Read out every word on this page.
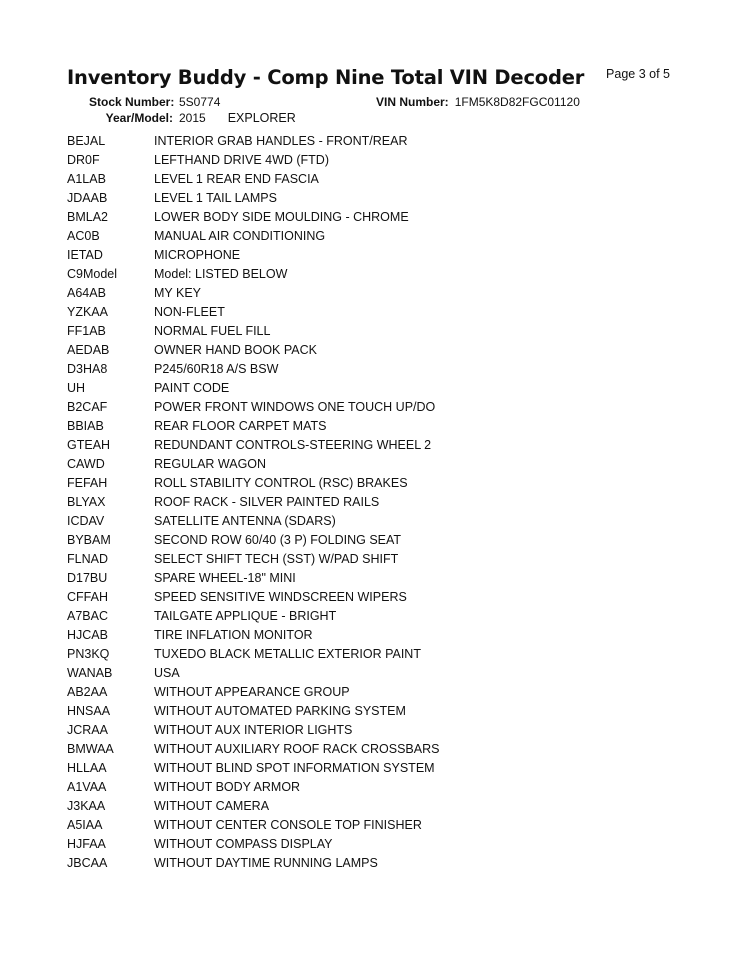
Inventory Buddy - Comp Nine Total VIN Decoder Page 3 of 5
Stock Number: 5S0774	VIN Number: 1FM5K8D82FGC01120
Year/Model: 2015 EXPLORER
BEJAL	INTERIOR GRAB HANDLES - FRONT/REAR
DR0F	LEFTHAND DRIVE 4WD (FTD)
A1LAB	LEVEL 1 REAR END FASCIA
JDAAB	LEVEL 1 TAIL LAMPS
BMLA2	LOWER BODY SIDE MOULDING - CHROME
AC0B	MANUAL AIR CONDITIONING
IETAD	MICROPHONE
C9Model	Model: LISTED BELOW
A64AB	MY KEY
YZKAA	NON-FLEET
FF1AB	NORMAL FUEL FILL
AEDAB	OWNER HAND BOOK PACK
D3HA8	P245/60R18 A/S BSW
UH	PAINT CODE
B2CAF	POWER FRONT WINDOWS ONE TOUCH UP/DO
BBIAB	REAR FLOOR CARPET MATS
GTEAH	REDUNDANT CONTROLS-STEERING WHEEL 2
CAWD	REGULAR WAGON
FEFAH	ROLL STABILITY CONTROL (RSC) BRAKES
BLYAX	ROOF RACK - SILVER PAINTED RAILS
ICDAV	SATELLITE ANTENNA (SDARS)
BYBAM	SECOND ROW 60/40 (3 P) FOLDING SEAT
FLNAD	SELECT SHIFT TECH (SST) W/PAD SHIFT
D17BU	SPARE WHEEL-18" MINI
CFFAH	SPEED SENSITIVE WINDSCREEN WIPERS
A7BAC	TAILGATE APPLIQUE - BRIGHT
HJCAB	TIRE INFLATION MONITOR
PN3KQ	TUXEDO BLACK METALLIC EXTERIOR PAINT
WANAB	USA
AB2AA	WITHOUT APPEARANCE GROUP
HNSAA	WITHOUT AUTOMATED PARKING SYSTEM
JCRAA	WITHOUT AUX INTERIOR LIGHTS
BMWAA	WITHOUT AUXILIARY ROOF RACK CROSSBARS
HLLAA	WITHOUT BLIND SPOT INFORMATION SYSTEM
A1VAA	WITHOUT BODY ARMOR
J3KAA	WITHOUT CAMERA
A5IAA	WITHOUT CENTER CONSOLE TOP FINISHER
HJFAA	WITHOUT COMPASS DISPLAY
JBCAA	WITHOUT DAYTIME RUNNING LAMPS
